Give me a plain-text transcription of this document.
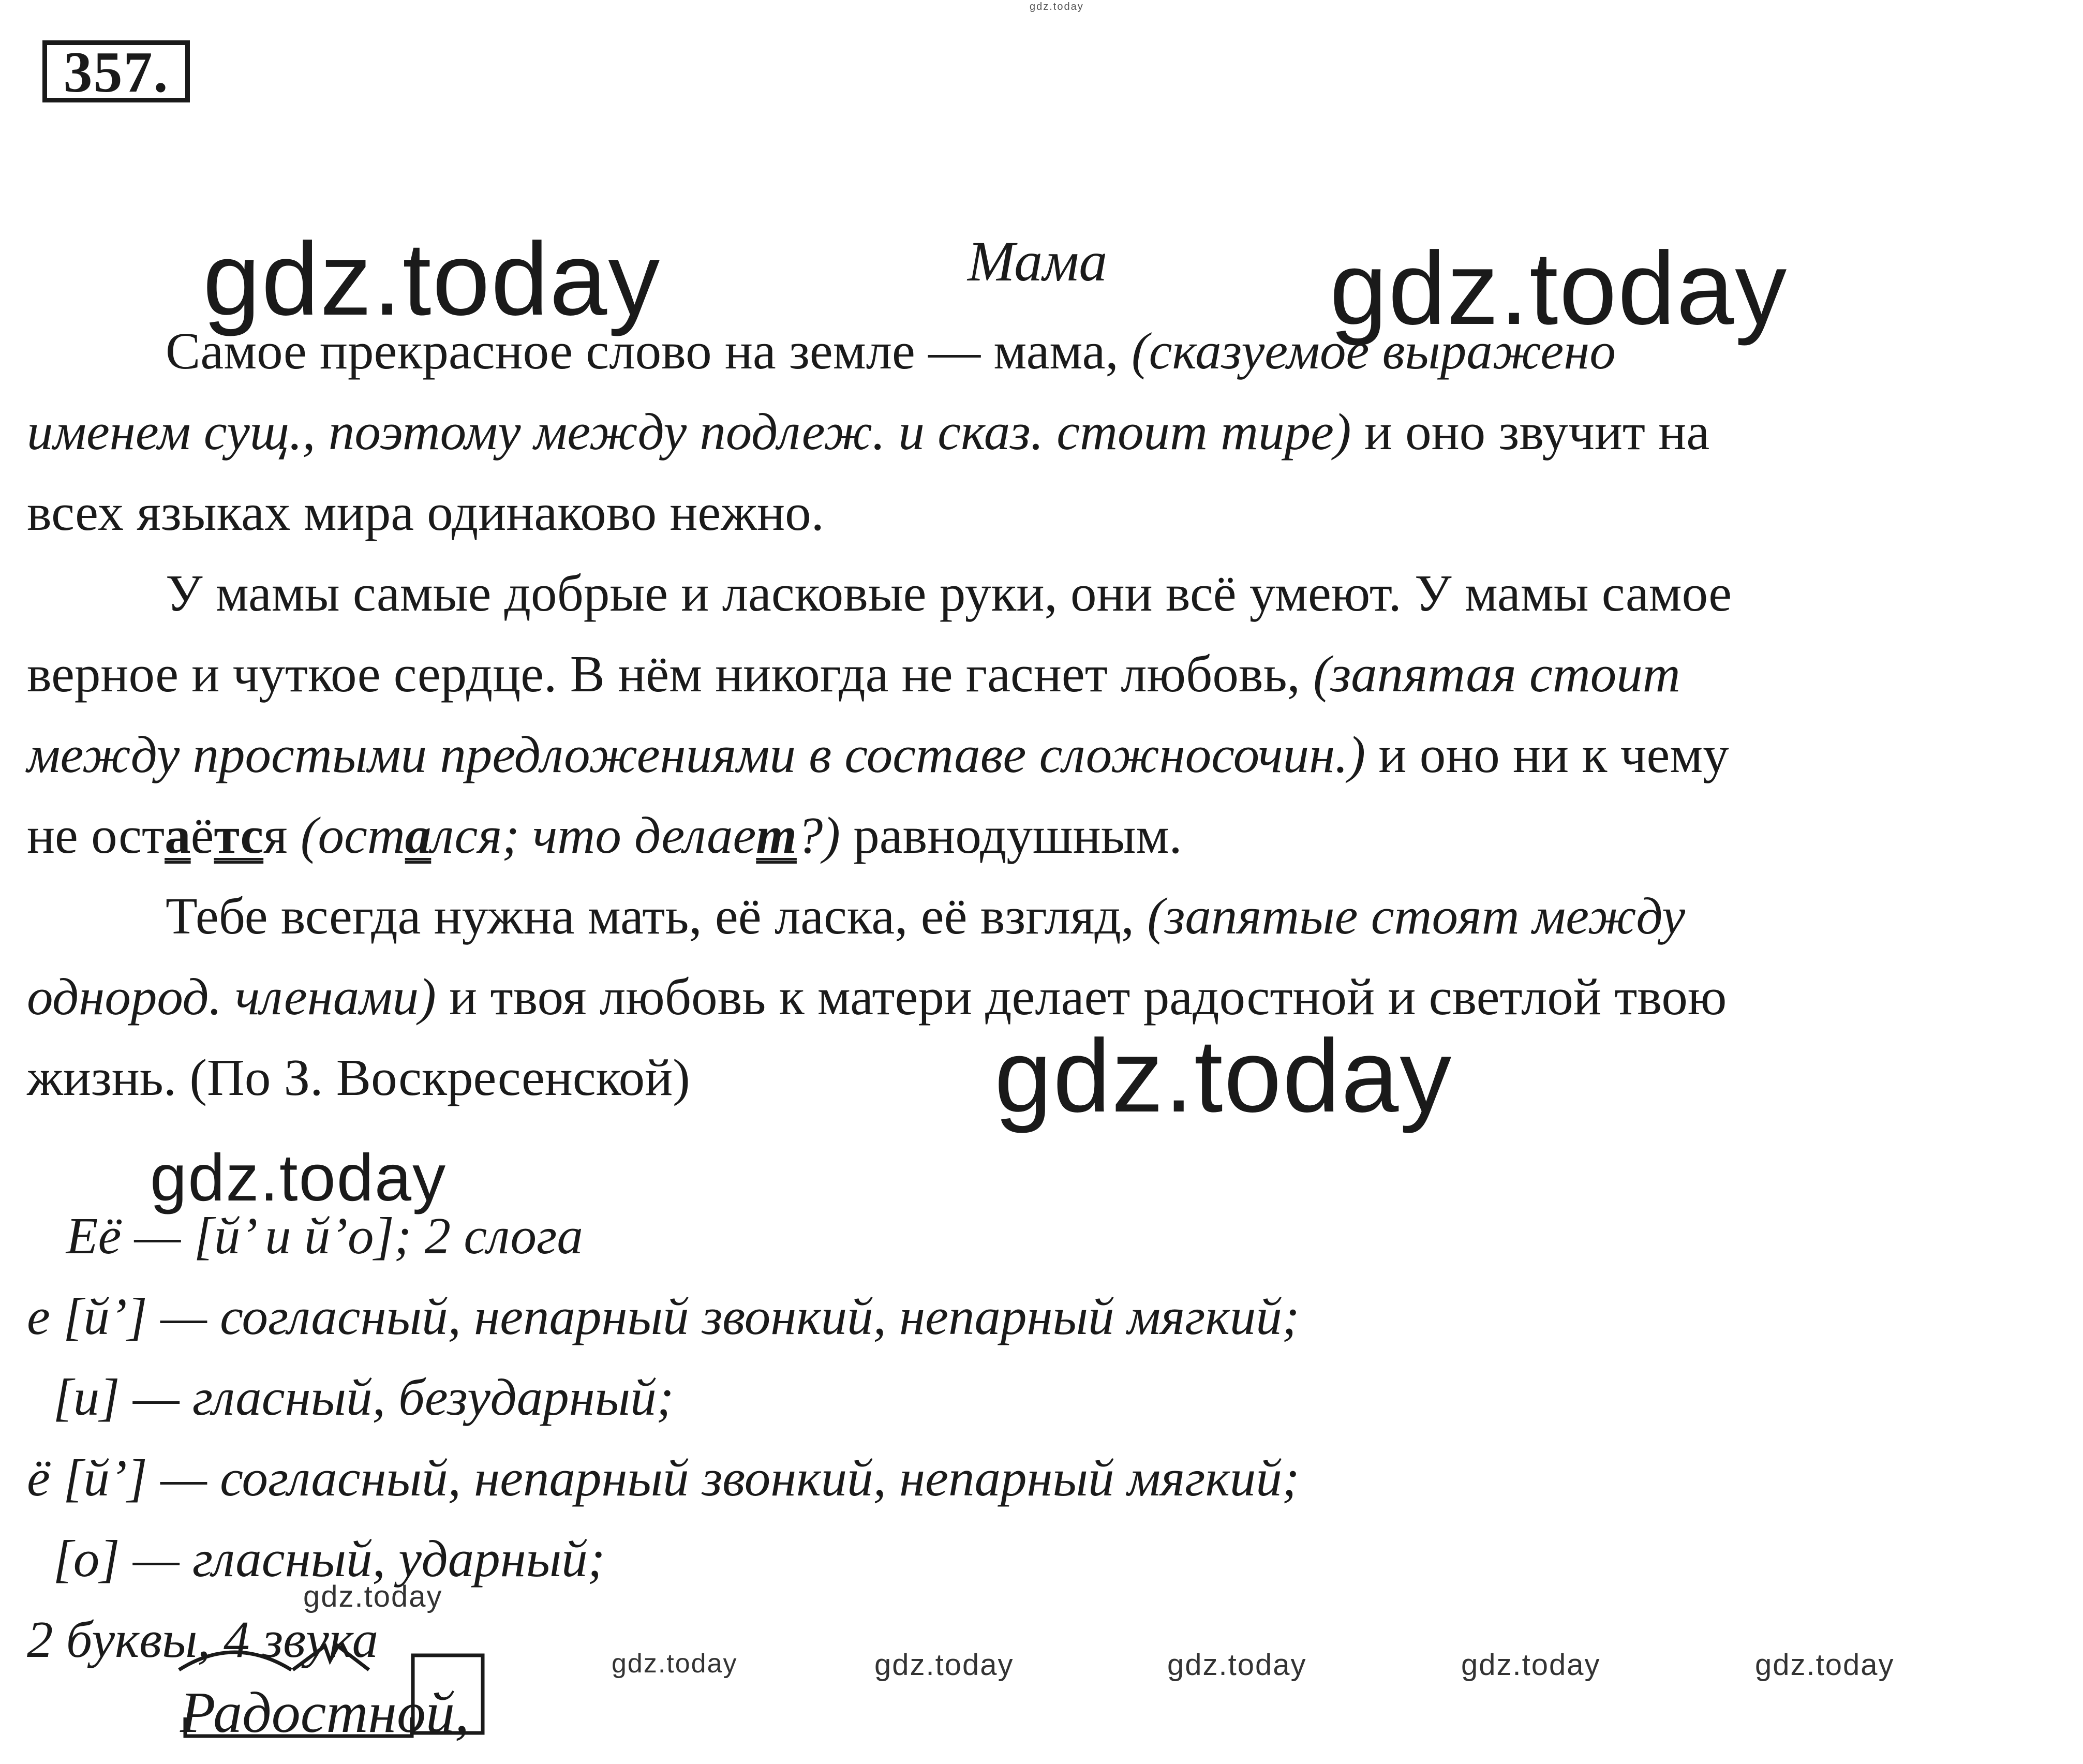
357.
Мама
Самое прекрасное слово на земле — мама, (сказуемое выражено
именем сущ., поэтому между подлеж. и сказ. стоит тире) и оно звучит на
всех языках мира одинаково нежно.
У мамы самые добрые и ласковые руки, они всё умеют. У мамы самое
верное и чуткое сердце. В нём никогда не гаснет любовь, (запятая стоит
между простыми предложениями в составе сложносочин.) и оно ни к чему
не остаётся (остался; что делает?) равнодушным.
Тебе всегда нужна мать, её ласка, её взгляд, (запятые стоят между
однород. членами) и твоя любовь к матери делает радостной и светлой твою
жизнь. (По З. Воскресенской)
Её — [й’ и й’о]; 2 слога
е [й’] — согласный, непарный звонкий, непарный мягкий;
[и] — гласный, безударный;
ё [й’] — согласный, непарный звонкий, непарный мягкий;
[о] — гласный, ударный;
2 буквы, 4 звука
Радостной,
gdz.today
gdz.today	gdz.today
gdz.today
gdz.today
gdz.today
gdz.today	gdz.today	gdz.today	gdz.today	gdz.today
